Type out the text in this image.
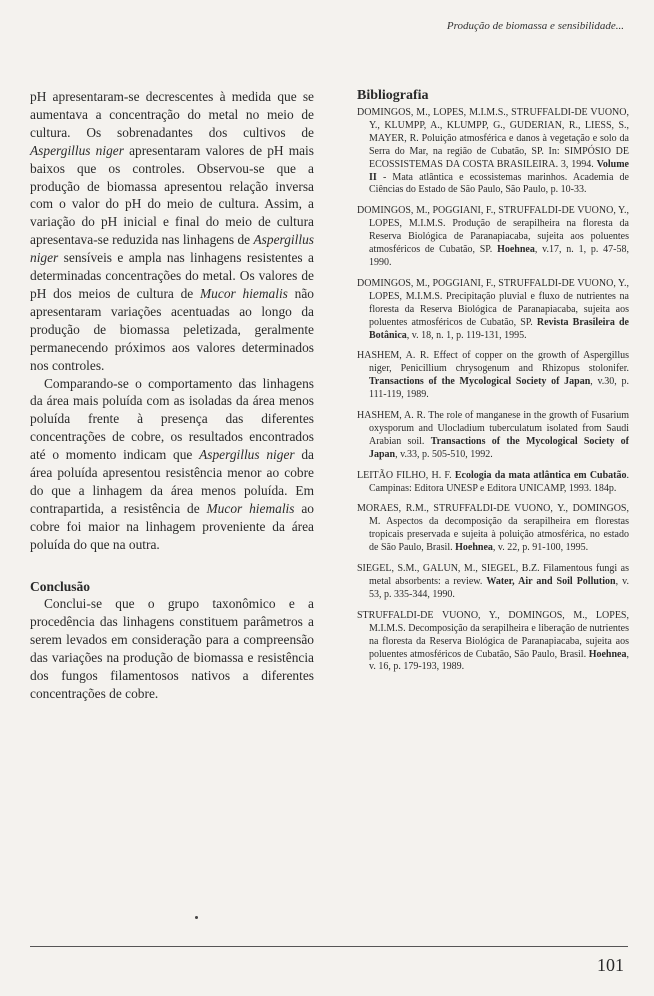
Produção de biomassa e sensibilidade...

pH apresentaram-se decrescentes à medida que se aumentava a concentração do metal no meio de cultura. Os sobrenadantes dos cultivos de Aspergillus niger apresentaram valores de pH mais baixos que os controles. Observou-se que a produção de biomassa apresentou relação inversa com o valor do pH do meio de cultura. Assim, a variação do pH inicial e final do meio de cultura apresentava-se reduzida nas linhagens de Aspergillus niger sensíveis e ampla nas linhagens resistentes a determinadas concentrações do metal. Os valores de pH dos meios de cultura de Mucor hiemalis não apresentaram variações acentuadas ao longo da produção de biomassa peletizada, geralmente permanecendo próximos aos valores determinados nos controles.

Comparando-se o comportamento das linhagens da área mais poluída com as isoladas da área menos poluída frente à presença das diferentes concentrações de cobre, os resultados encontrados até o momento indicam que Aspergillus niger da área poluída apresentou resistência menor ao cobre do que a linhagem da área menos poluída. Em contrapartida, a resistência de Mucor hiemalis ao cobre foi maior na linhagem proveniente da área poluída do que na outra.

Conclusão

Conclui-se que o grupo taxonômico e a procedência das linhagens constituem parâmetros a serem levados em consideração para a compreensão das variações na produção de biomassa e resistência dos fungos filamentosos nativos a diferentes concentrações de cobre.

Bibliografia

DOMINGOS, M., LOPES, M.I.M.S., STRUFFALDI-DE VUONO, Y., KLUMPP, A., KLUMPP, G., GUDERIAN, R., LIESS, S., MAYER, R. Poluição atmosférica e danos à vegetação e solo da Serra do Mar, na região de Cubatão, SP. In: SIMPÓSIO DE ECOSSISTEMAS DA COSTA BRASILEIRA. 3, 1994. Volume II - Mata atlântica e ecossistemas marinhos. Academia de Ciências do Estado de São Paulo, São Paulo, p. 10-33.

DOMINGOS, M., POGGIANI, F., STRUFFALDI-DE VUONO, Y., LOPES, M.I.M.S. Produção de serapilheira na floresta da Reserva Biológica de Paranapiacaba, sujeita aos poluentes atmosféricos de Cubatão, SP. Hoehnea, v.17, n. 1, p. 47-58, 1990.

DOMINGOS, M., POGGIANI, F., STRUFFALDI-DE VUONO, Y., LOPES, M.I.M.S. Precipitação pluvial e fluxo de nutrientes na floresta da Reserva Biológica de Paranapiacaba, sujeita aos poluentes atmosféricos de Cubatão, SP. Revista Brasileira de Botânica, v. 18, n. 1, p. 119-131, 1995.

HASHEM, A. R. Effect of copper on the growth of Aspergillus niger, Penicillium chrysogenum and Rhizopus stolonifer. Transactions of the Mycological Society of Japan, v.30, p. 111-119, 1989.

HASHEM, A. R. The role of manganese in the growth of Fusarium oxysporum and Ulocladium tuberculatum isolated from Saudi Arabian soil. Transactions of the Mycological Society of Japan, v.33, p. 505-510, 1992.

LEITÃO FILHO, H. F. Ecologia da mata atlântica em Cubatão. Campinas: Editora UNESP e Editora UNICAMP, 1993. 184p.

MORAES, R.M., STRUFFALDI-DE VUONO, Y., DOMINGOS, M. Aspectos da decomposição da serapilheira em florestas tropicais preservada e sujeita à poluição atmosférica, no estado de São Paulo, Brasil. Hoehnea, v. 22, p. 91-100, 1995.

SIEGEL, S.M., GALUN, M., SIEGEL, B.Z. Filamentous fungi as metal absorbents: a review. Water, Air and Soil Pollution, v. 53, p. 335-344, 1990.

STRUFFALDI-DE VUONO, Y., DOMINGOS, M., LOPES, M.I.M.S. Decomposição da serapilheira e liberação de nutrientes na floresta da Reserva Biológica de Paranapiacaba, sujeita aos poluentes atmosféricos de Cubatão, São Paulo, Brasil. Hoehnea, v. 16, p. 179-193, 1989.

101
